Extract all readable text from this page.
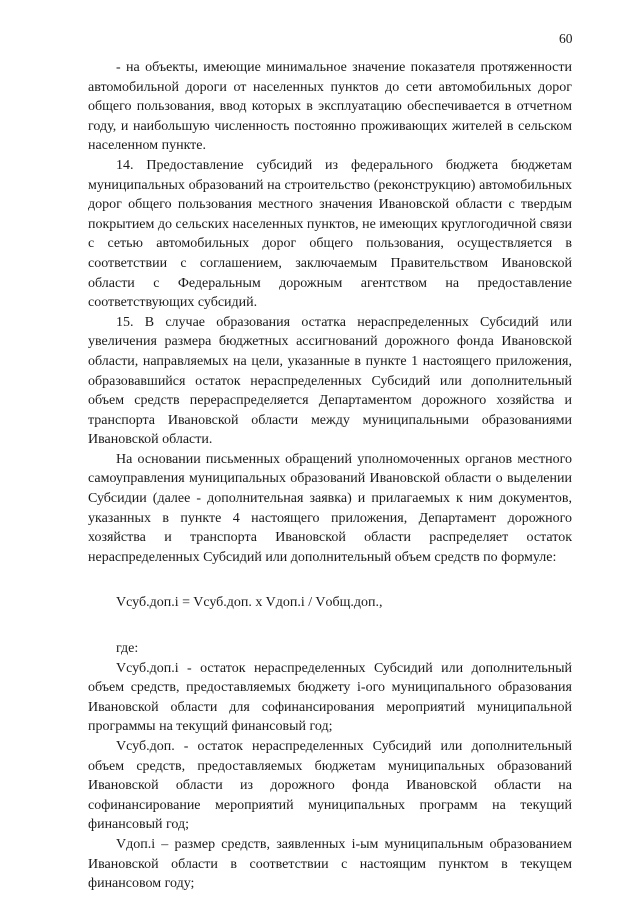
60

- на объекты, имеющие минимальное значение показателя протяженности автомобильной дороги от населенных пунктов до сети автомобильных дорог общего пользования, ввод которых в эксплуатацию обеспечивается в отчетном году, и наибольшую численность постоянно проживающих жителей в сельском населенном пункте.

14. Предоставление субсидий из федерального бюджета бюджетам муниципальных образований на строительство (реконструкцию) автомобильных дорог общего пользования местного значения Ивановской области с твердым покрытием до сельских населенных пунктов, не имеющих круглогодичной связи с сетью автомобильных дорог общего пользования, осуществляется в соответствии с соглашением, заключаемым Правительством Ивановской области с Федеральным дорожным агентством на предоставление соответствующих субсидий.

15. В случае образования остатка нераспределенных Субсидий или увеличения размера бюджетных ассигнований дорожного фонда Ивановской области, направляемых на цели, указанные в пункте 1 настоящего приложения, образовавшийся остаток нераспределенных Субсидий или дополнительный объем средств перераспределяется Департаментом дорожного хозяйства и транспорта Ивановской области между муниципальными образованиями Ивановской области.

На основании письменных обращений уполномоченных органов местного самоуправления муниципальных образований Ивановской области о выделении Субсидии (далее - дополнительная заявка) и прилагаемых к ним документов, указанных в пункте 4 настоящего приложения, Департамент дорожного хозяйства и транспорта Ивановской области распределяет остаток нераспределенных Субсидий или дополнительный объем средств по формуле:

Vсуб.доп.i = Vсуб.доп. x Vдоп.i / Vобщ.доп.,

где:

Vсуб.доп.i - остаток нераспределенных Субсидий или дополнительный объем средств, предоставляемых бюджету i-ого муниципального образования Ивановской области для софинансирования мероприятий муниципальной программы на текущий финансовый год;

Vсуб.доп. - остаток нераспределенных Субсидий или дополнительный объем средств, предоставляемых бюджетам муниципальных образований Ивановской области из дорожного фонда Ивановской области на софинансирование мероприятий муниципальных программ на текущий финансовый год;

Vдоп.i – размер средств, заявленных i-ым муниципальным образованием Ивановской области в соответствии с настоящим пунктом в текущем финансовом году;
